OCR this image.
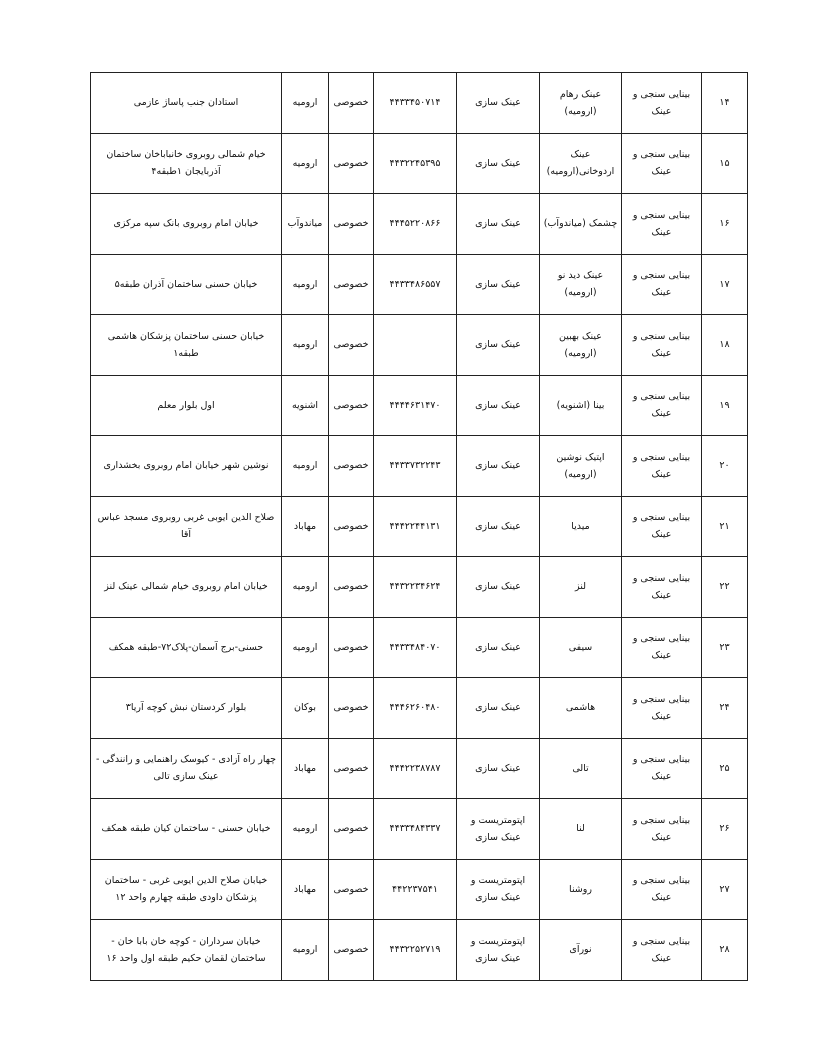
۱۴	بینایی سنجی و عینک	عینک رهام (ارومیه)	عینک سازی	۴۴۳۳۴۵۰۷۱۴	خصوصی	ارومیه	استادان جنب پاساژ عازمی
۱۵	بینایی سنجی و عینک	عینک اردوخانی(ارومیه)	عینک سازی	۴۴۳۲۲۴۵۳۹۵	خصوصی	ارومیه	خیام شمالی روبروی خانباباخان ساختمان آذربایجان ۱طبقه۴
۱۶	بینایی سنجی و عینک	چشمک (میاندوآب)	عینک سازی	۴۴۴۵۲۲۰۸۶۶	خصوصی	میاندوآب	خیابان امام روبروی بانک سپه مرکزی
۱۷	بینایی سنجی و عینک	عینک دید نو (ارومیه)	عینک سازی	۴۴۳۳۴۸۶۵۵۷	خصوصی	ارومیه	خیابان حسنی ساختمان آذران طبقه۵
۱۸	بینایی سنجی و عینک	عینک بهبین (ارومیه)	عینک سازی		خصوصی	ارومیه	خیابان حسنی ساختمان پزشکان هاشمی طبقه۱
۱۹	بینایی سنجی و عینک	بینا (اشنویه)	عینک سازی	۴۴۴۴۶۳۱۴۷۰	خصوصی	اشنویه	اول بلوار معلم
۲۰	بینایی سنجی و عینک	اپتیک نوشین (ارومیه)	عینک سازی	۴۴۳۳۷۳۲۲۴۳	خصوصی	ارومیه	نوشین شهر خیابان امام روبروی بخشداری
۲۱	بینایی سنجی و عینک	میدیا	عینک سازی	۴۴۴۲۲۴۴۱۳۱	خصوصی	مهاباد	صلاح الدین ایوبی غربی روبروی مسجد عباس آقا
۲۲	بینایی سنجی و عینک	لنز	عینک سازی	۴۴۳۲۲۳۴۶۲۴	خصوصی	ارومیه	خیابان امام روبروی خیام شمالی عینک لنز
۲۳	بینایی سنجی و عینک	سیفی	عینک سازی	۴۴۳۳۴۸۴۰۷۰	خصوصی	ارومیه	حسنی-برج آسمان-پلاک۷۲-طبقه همکف
۲۴	بینایی سنجی و عینک	هاشمی	عینک سازی	۴۴۴۶۲۶۰۴۸۰	خصوصی	بوکان	بلوار کردستان نبش کوچه آریا۳
۲۵	بینایی سنجی و عینک	تالی	عینک سازی	۴۴۴۲۲۳۸۷۸۷	خصوصی	مهاباد	چهار راه آزادی - کیوسک راهنمایی و رانندگی - عینک سازی تالی
۲۶	بینایی سنجی و عینک	لنا	اپتومتریست و عینک سازی	۴۴۳۳۴۸۴۳۳۷	خصوصی	ارومیه	خیابان حسنی - ساختمان کیان طبقه همکف
۲۷	بینایی سنجی و عینک	روشنا	اپتومتریست و عینک سازی	۴۴۲۲۳۷۵۴۱	خصوصی	مهاباد	خیابان صلاح الدین ایوبی غربی - ساختمان پزشکان داودی طبقه چهارم واحد ۱۲
۲۸	بینایی سنجی و عینک	نورآی	اپتومتریست و عینک سازی	۴۴۳۲۲۵۲۷۱۹	خصوصی	ارومیه	خیابان سرداران - کوچه خان بابا خان - ساختمان لقمان حکیم طبقه اول واحد ۱۶
